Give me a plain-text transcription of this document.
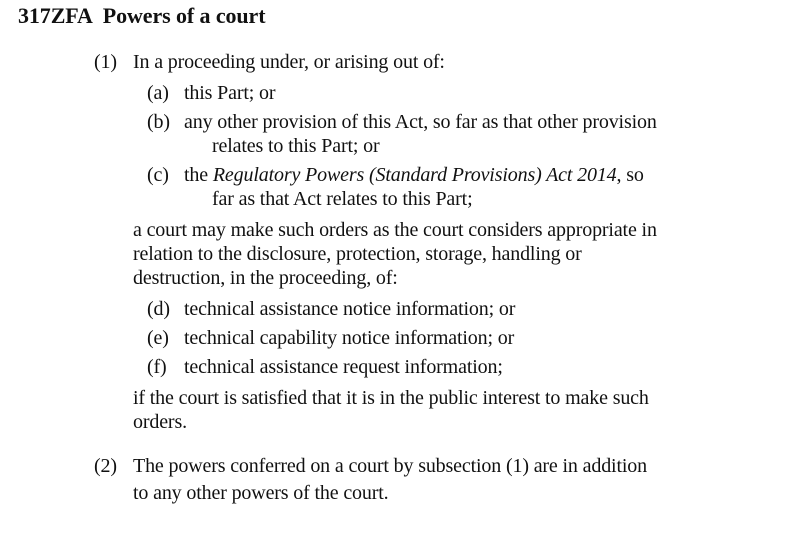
317ZFA Powers of a court
(1) In a proceeding under, or arising out of:
(a) this Part; or
(b) any other provision of this Act, so far as that other provision
relates to this Part; or
(c) the Regulatory Powers (Standard Provisions) Act 2014, so
far as that Act relates to this Part;
a court may make such orders as the court considers appropriate in
relation to the disclosure, protection, storage, handling or
destruction, in the proceeding, of:
(d) technical assistance notice information; or
(e) technical capability notice information; or
(f) technical assistance request information;
if the court is satisfied that it is in the public interest to make such
orders.
(2) The powers conferred on a court by subsection (1) are in addition
to any other powers of the court.
